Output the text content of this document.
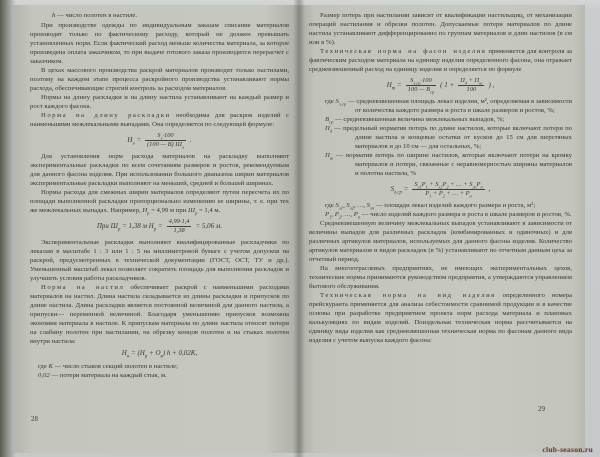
h — число полотен в настиле.

При производстве одежды по индивидуальным заказам списание материалов производят только по фактическому расходу, который не должен превышать установленных норм. Если фактический расход меньше количества материала, за которое произведена оплата заказчиком, то при выдаче готового заказа производится перерасчет с заказчиком.

В цехах массового производства раскрой материалов производят только настилами, поэтому на каждом этапе процесса раскройного производства устанавливают нормы расхода, обеспечивающие строгий контроль за расходом материалов.

Нормы на длину раскладки и на длину настила устанавливают на каждый размер и рост каждого фасона.

Норма на длину раскладки необходима для раскроя изделий с наименьшими межлекальными выпадами. Она определяется по следующей формуле:

$Н_э = \frac{S_э\cdot 100}{(100 — В) Ш_э}$ .

Для установления норм расхода материалов на раскладку выполняют экспериментальные раскладки по всем сочетаниям размеров и ростов, рекомендуемым для данного фасона изделия. При использовании большого диапазона ширин материалов экспериментальные раскладки выполняют на меньшей, средней и большей ширинах.

Нормы расхода для смежных ширин материалов определяют путем пересчета их по площади выполненной раскладки пропорционально изменению ее ширины, т. е. при тех же межлекальных выпадах. Например, $Н_р = 4,99$ м при $Ш_р = 1,4$ м.

При $Ш_р = 1,38$ м $Н_р = \frac{4,99\cdot 1,4}{1,38} = 5,06$ м.

Экспериментальные раскладки выполняют квалифицированные раскладчики по лекалам в масштабе 1 : 3 или 1 : 5 на миллиметровой бумаге с учетом допусков на раскрой, предусмотренных в технической документации (ГОСТ, ОСТ, ТУ и др.). Уменьшенный масштаб лекал позволяет сократить площадь для выполнения раскладок и улучшить условия работы раскладчиков.

Норма на настил обеспечивает раскрой с наименьшими расходами материалов на настил. Длина настила складывается из длины раскладки и припусков по длине настила. Длина раскладки является постоянной величиной для данного настила, а припуски— переменной величиной. Благодаря уменьшению припусков возможна экономия материала в настиле. К припускам материала по длине настила относят потери на слабину полотен при настилании, на обрезку концов полотен и на стыках полотен внутри настила:

$Н_н = (Н_р + О_к) h + 0,02К$,
где К — число стыков секций полотен в настиле;
0,02 — потери материала на каждый стык, м.
28

Размер потерь при настилании зависит от квалификации настильщиц, от механизации операций настилания и обрезки полотен. Допускаемые потери материалов по длине настила устанавливают дифференцированно по группам материалов и длин настилов (в см или в %).

Техническая норма на фасон изделия применяется для контроля за фактическим расходом материала на единицу изделия определенного фасона, она отражает средневзвешенный расход на единицу изделия и определяется по формуле

$Н_т = \frac{S_{л.ср}\cdot 100}{100 — В_{ср}}$ ( $1 + \frac{П_д + П_ш}{100}$ ) ,
где $S_{л.ср}$ — средневзвешенная площадь лекал изделия, м², определяемая в зависимости от количества каждого размера и роста в шкале размеров и ростов, %;
$В_{ср}$ — средневзвешенная величина межлекальных выпадов, %;
$П_д$ — предельный норматив потерь по длине настилов, которые включают потери по длине настила и концевые остатки от кусков до 15 см для шерстяных материалов и до 10 см — для остальных, %;
$П_ш$ — норматив потерь по ширине настилов, которые включают потери на кромку материалов и потери, связанные с неравномерностью ширины материалов и полотна настила, %
$S_{л.ср} = \frac{S_{л1}Р_1 + S_{л2}Р_2 + \dots + S_{лn}Р_n}{Р_1 + Р_2 + \dots + Р_n}$ ,
где $S_{л1}$, $S_{л2}$, …, $S_{лn}$ — площади лекал изделий каждого размера и роста, м²;
$Р_1$, $Р_2$, …, $Р_n$ — число изделий каждого размера и роста в шкале размеров и ростов, %.

Средневзвешенную величину межлекальных выпадов устанавливают в зависимости от величины выпадов для различных раскладок (комбинированных и одиночных) и для различных артикулов материалов, используемых для данного фасона изделия. Количество артикулов материалов и видов раскладок (в %) устанавливают по отчетным данным цеха за отчетный период.

На многоотраслевых предприятиях, не имеющих экспериментальных цехов, технические нормы принимаются руководством предприятия, а утверждаются управлением бытового обслуживания.

Техническая норма на вид изделия определенного номера прейскуранта применяется для анализа себестоимости сравнимой продукции и в качестве основы при разработке предприятием проекта норм расхода материала и плановых калькуляциях по видам изделий. Поиздельная техническая норма рассчитывается на единицу вида изделия как средневзвешенная техническая норма по фасонам данного вида изделия с учетом выпуска каждого фасона:

29
club-season.ru
